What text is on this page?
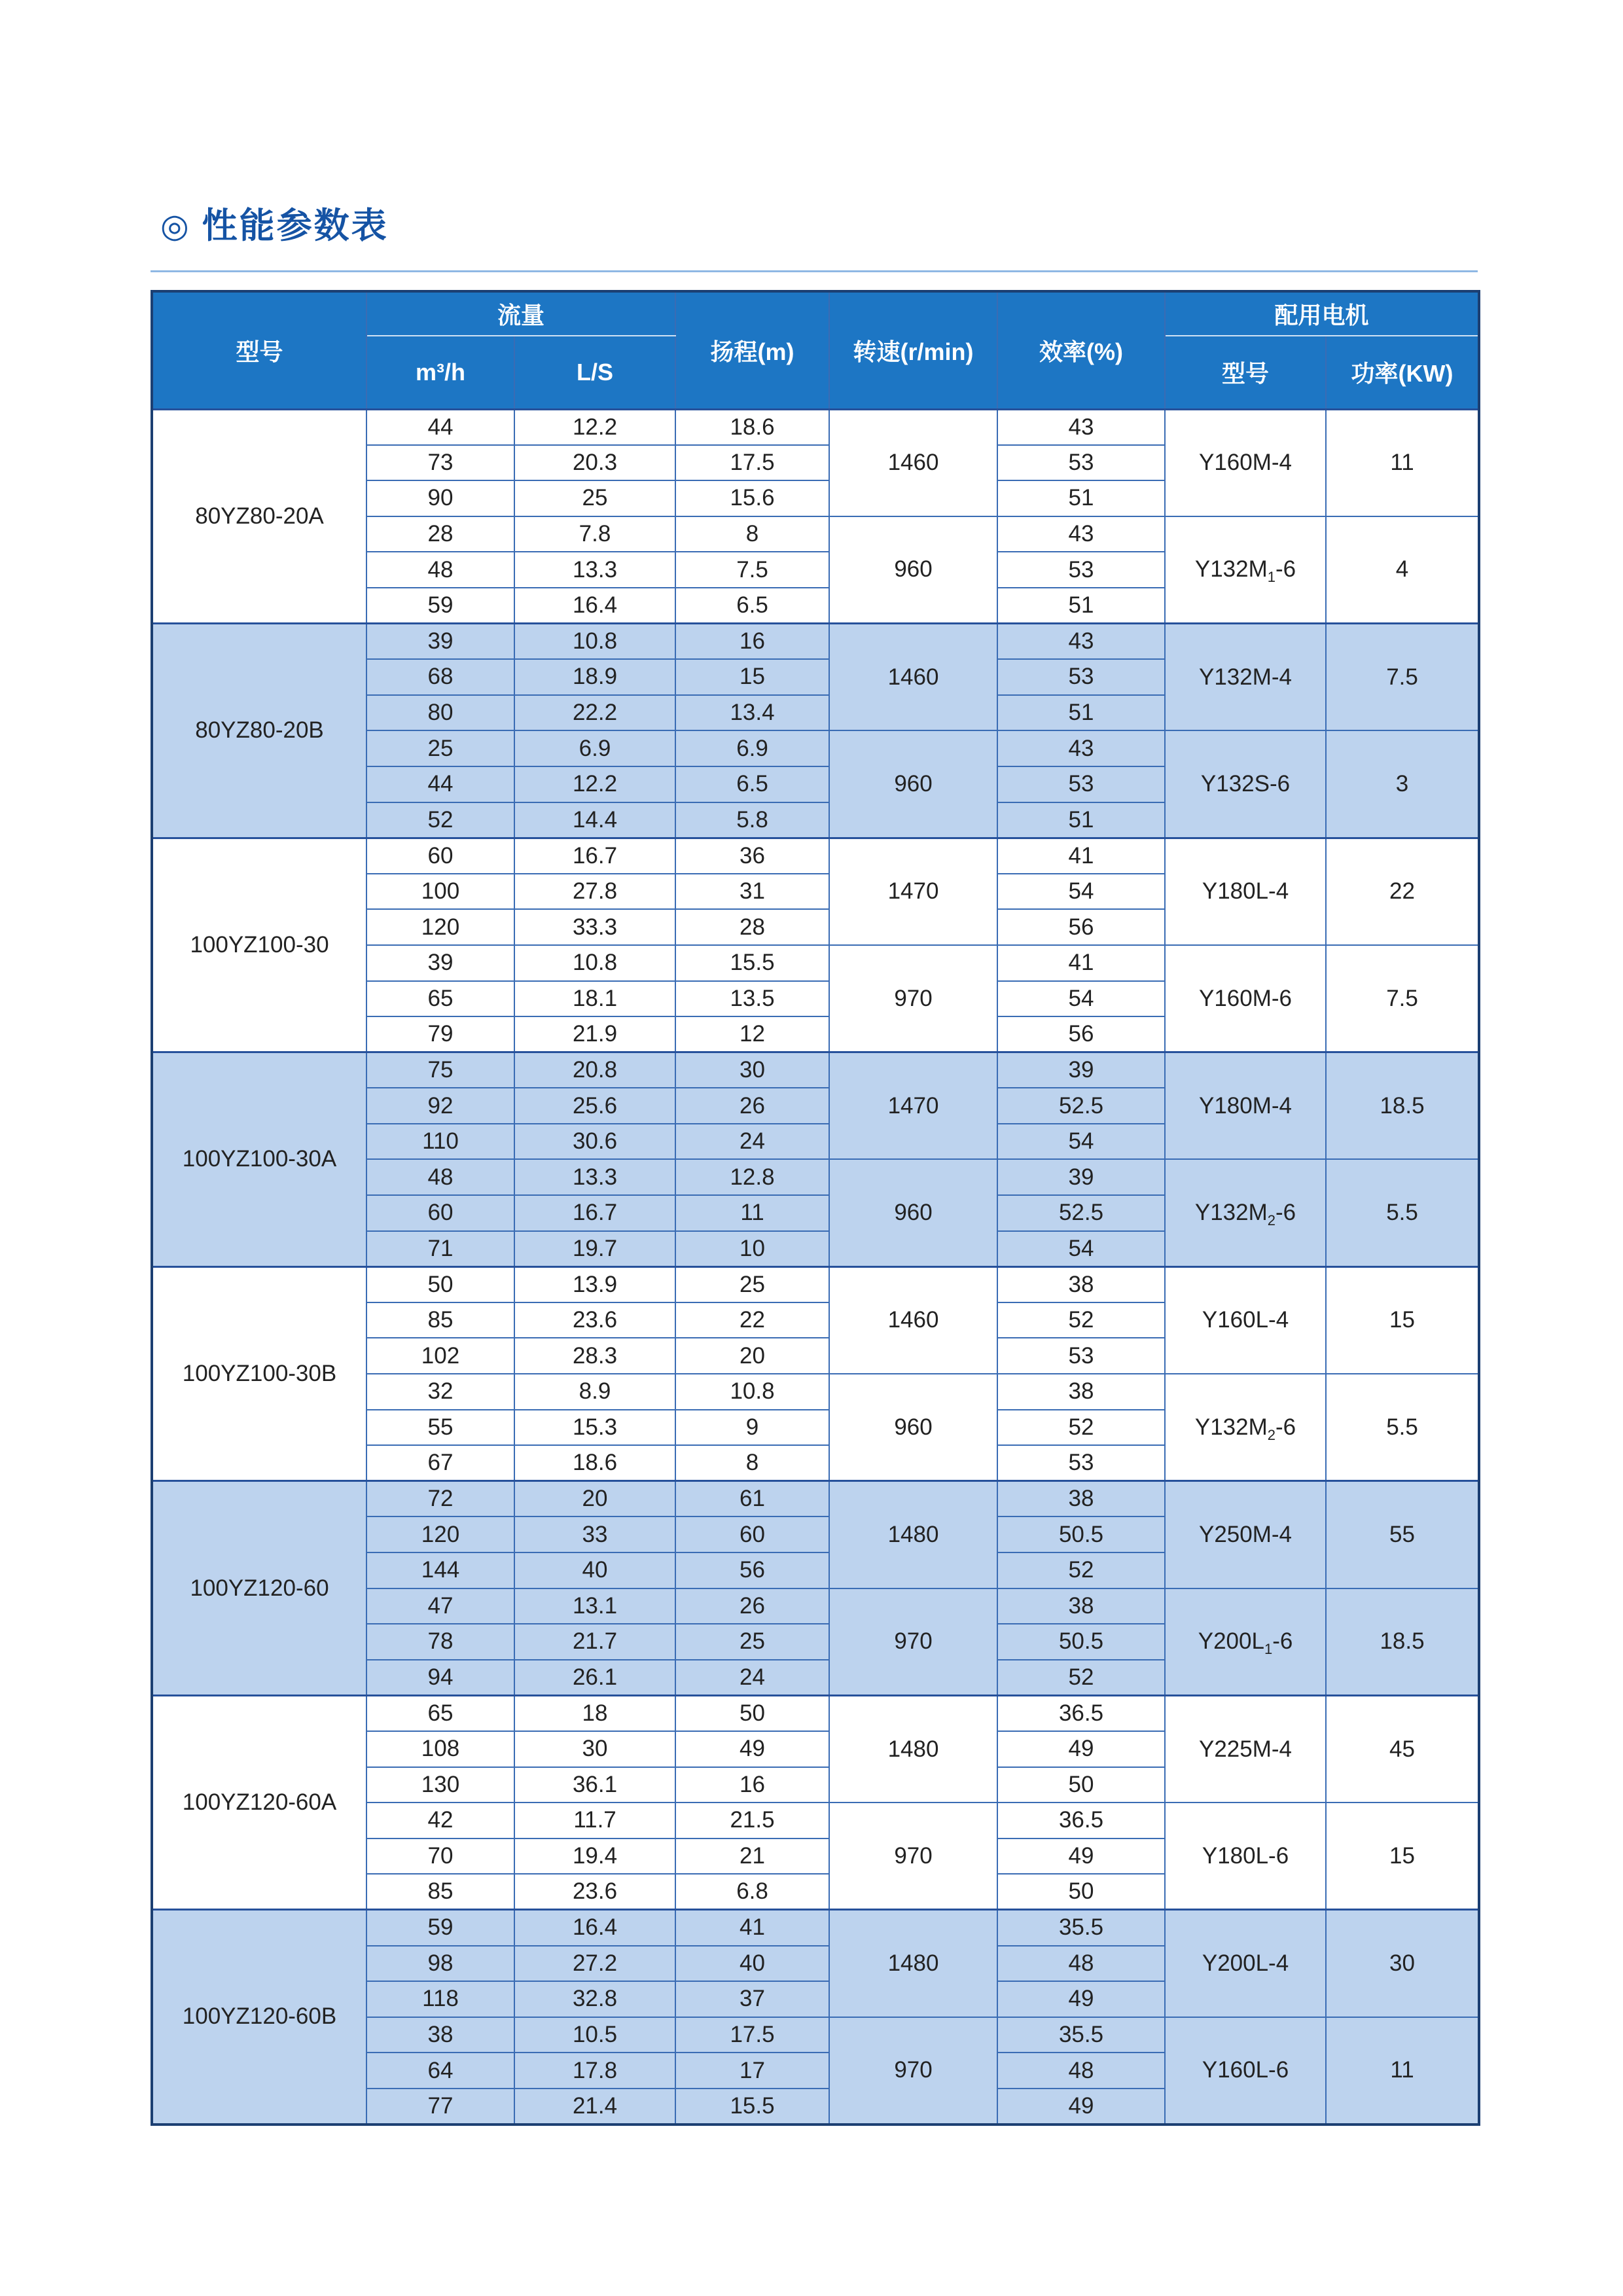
◎ 性能参数表
型号	流量		扬程(m)	转速(r/min)	效率(%)	配用电机	
	m³/h	L/S				型号	功率(KW)
80YZ80-20A	44	12.2	18.6	1460	43	Y160M-4	11
	73	20.3	17.5		53		
	90	25	15.6		51		
	28	7.8	8	960	43	$Y132M_1-6$	4
	48	13.3	7.5		53		
	59	16.4	6.5		51		
80YZ80-20B	39	10.8	16	1460	43	Y132M-4	7.5
	68	18.9	15		53		
	80	22.2	13.4		51		
	25	6.9	6.9	960	43	Y132S-6	3
	44	12.2	6.5		53		
	52	14.4	5.8		51		
100YZ100-30	60	16.7	36	1470	41	Y180L-4	22
	100	27.8	31		54		
	120	33.3	28		56		
	39	10.8	15.5	970	41	Y160M-6	7.5
	65	18.1	13.5		54		
	79	21.9	12		56		
100YZ100-30A	75	20.8	30	1470	39	Y180M-4	18.5
	92	25.6	26		52.5		
	110	30.6	24		54		
	48	13.3	12.8	960	39	$Y132M_2-6$	5.5
	60	16.7	11		52.5		
	71	19.7	10		54		
100YZ100-30B	50	13.9	25	1460	38	Y160L-4	15
	85	23.6	22		52		
	102	28.3	20		53		
	32	8.9	10.8	960	38	$Y132M_2-6$	5.5
	55	15.3	9		52		
	67	18.6	8		53		
100YZ120-60	72	20	61	1480	38	Y250M-4	55
	120	33	60		50.5		
	144	40	56		52		
	47	13.1	26	970	38	$Y200L_1-6$	18.5
	78	21.7	25		50.5		
	94	26.1	24		52		
100YZ120-60A	65	18	50	1480	36.5	Y225M-4	45
	108	30	49		49		
	130	36.1	16		50		
	42	11.7	21.5	970	36.5	Y180L-6	15
	70	19.4	21		49		
	85	23.6	6.8		50		
100YZ120-60B	59	16.4	41	1480	35.5	Y200L-4	30
	98	27.2	40		48		
	118	32.8	37		49		
	38	10.5	17.5	970	35.5	Y160L-6	11
	64	17.8	17		48		
	77	21.4	15.5		49		
